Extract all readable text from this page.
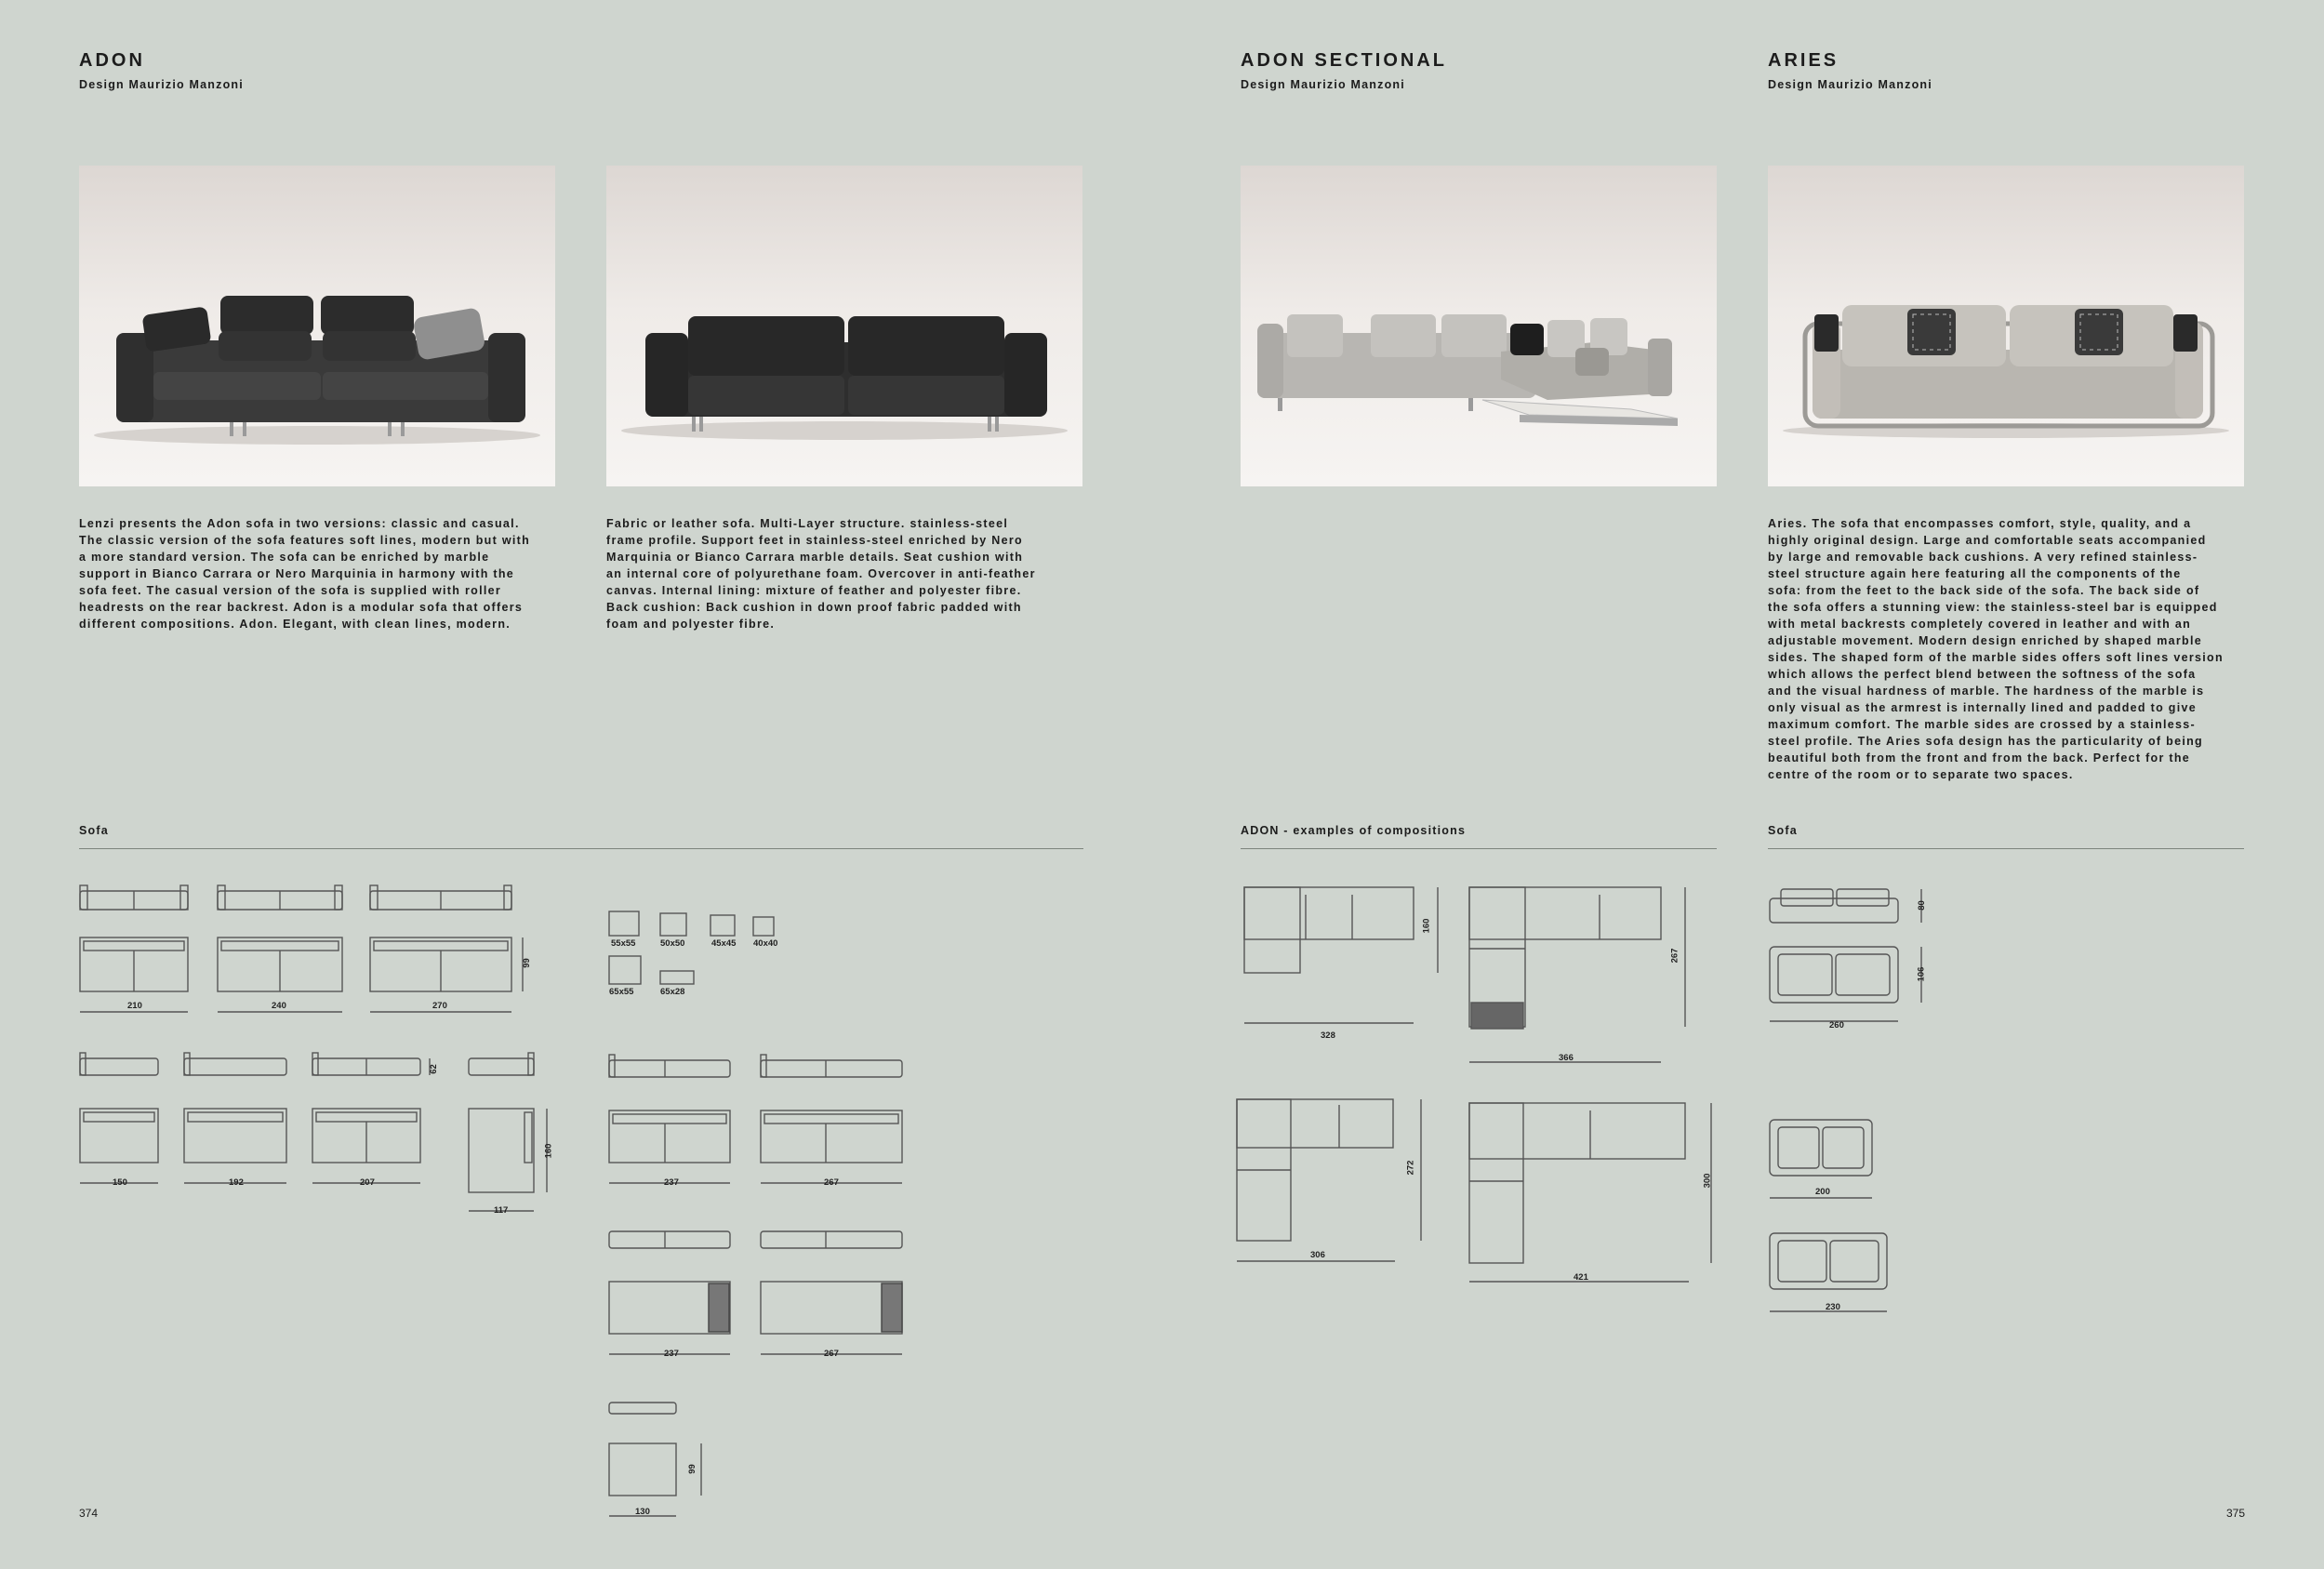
ADON
Design Maurizio Manzoni
ADON SECTIONAL
Design Maurizio Manzoni
ARIES
Design Maurizio Manzoni
Lenzi presents the Adon sofa in two versions: classic and casual.
The classic version of the sofa features soft lines, modern but with
a more standard version. The sofa can be enriched by marble
support in Bianco Carrara or Nero Marquinia in harmony with the
sofa feet. The casual version of the sofa is supplied with roller
headrests on the rear backrest. Adon is a modular sofa that offers
different compositions. Adon. Elegant, with clean lines, modern.
Fabric or leather sofa. Multi-Layer structure. stainless-steel
frame profile. Support feet in stainless-steel enriched by Nero
Marquinia or Bianco Carrara marble details. Seat cushion with
an internal core of polyurethane foam. Overcover in anti-feather
canvas. Internal lining: mixture of feather and polyester fibre.
Back cushion: Back cushion in down proof fabric padded with
foam and polyester fibre.
Aries. The sofa that encompasses comfort, style, quality, and a
highly original design. Large and comfortable seats accompanied
by large and removable back cushions. A very refined stainless-
steel structure again here featuring all the components of the
sofa: from the feet to the back side of the sofa. The back side of
the sofa offers a stunning view: the stainless-steel bar is equipped
with metal backrests completely covered in leather and with an
adjustable movement. Modern design enriched by shaped marble
sides. The shaped form of the marble sides offers soft lines version
which allows the perfect blend between the softness of the sofa
and the visual hardness of marble. The hardness of the marble is
only visual as the armrest is internally lined and padded to give
maximum comfort. The marble sides are crossed by a stainless-
steel profile. The Aries sofa design has the particularity of being
beautiful both from the front and from the back. Perfect for the
centre of the room or to separate two spaces.
Sofa	ADON - examples of compositions	Sofa
210	240	270
99
55x55	50x50	45x45 40x40
65x55	65x28
150	192	207
62
117
160
237	267
237	267
130
99
328
160
366
267
306
272
421
300
260
80
106
200
230
374	375
